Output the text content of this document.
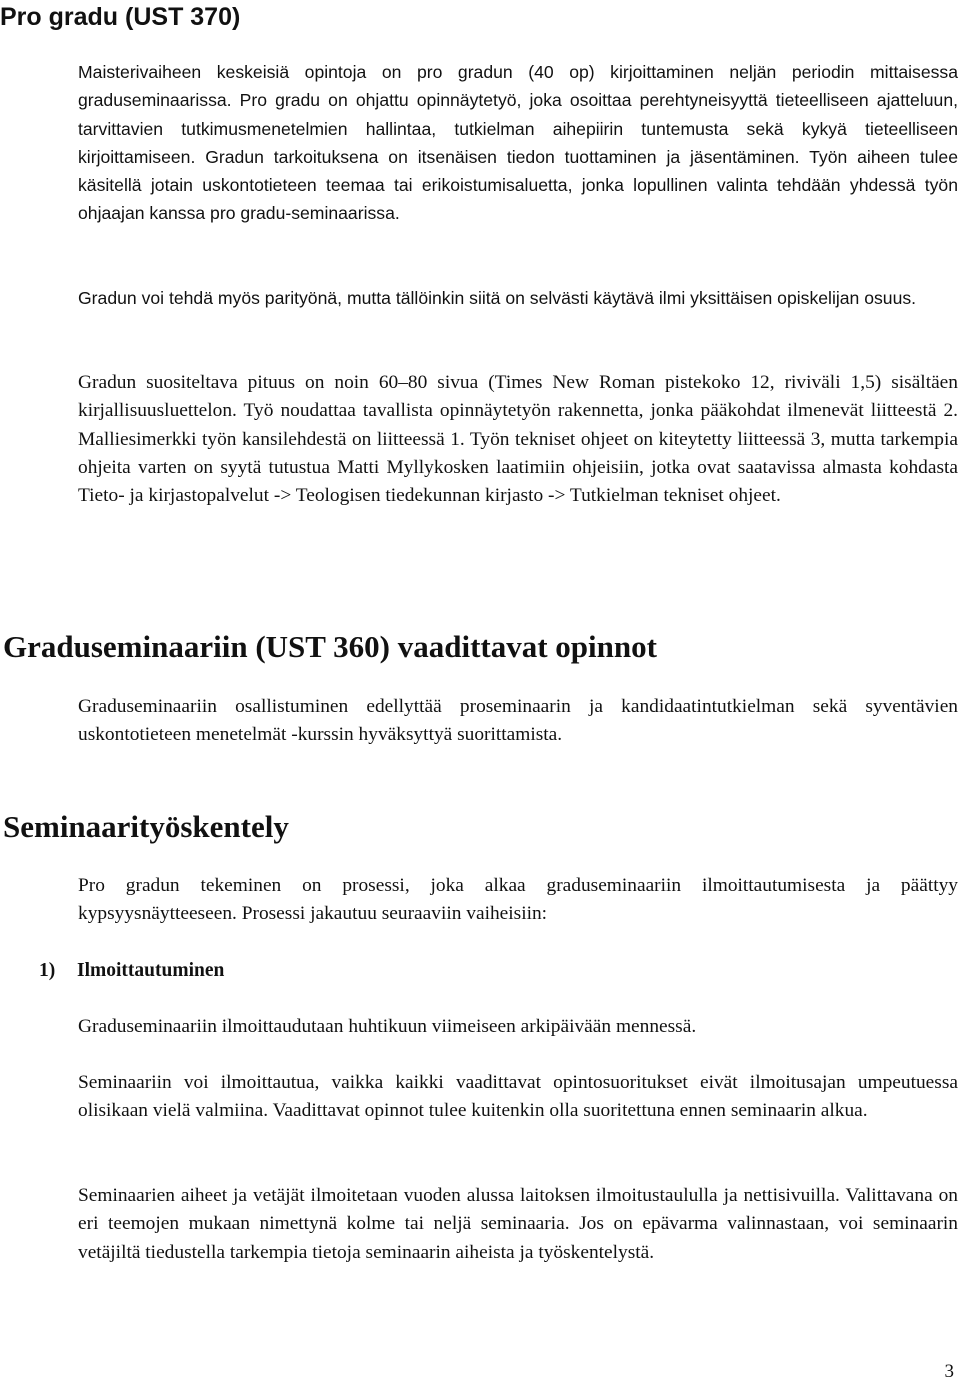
Pro gradu (UST 370)

Maisterivaiheen keskeisiä opintoja on pro gradun (40 op) kirjoittaminen neljän periodin mittaisessa graduseminaarissa. Pro gradu on ohjattu opinnäytetyö, joka osoittaa perehtyneisyyttä tieteelliseen ajatteluun, tarvittavien tutkimusmenetelmien hallintaa, tutkielman aihepiirin tuntemusta sekä kykyä tieteelliseen kirjoittamiseen. Gradun tarkoituksena on itsenäisen tiedon tuottaminen ja jäsentäminen. Työn aiheen tulee käsitellä jotain uskontotieteen teemaa tai erikoistumisaluetta, jonka lopullinen valinta tehdään yhdessä työn ohjaajan kanssa pro gradu-seminaarissa.

Gradun voi tehdä myös parityönä, mutta tällöinkin siitä on selvästi käytävä ilmi yksittäisen opiskelijan osuus.

Gradun suositeltava pituus on noin 60–80 sivua (Times New Roman pistekoko 12, riviväli 1,5) sisältäen kirjallisuusluettelon. Työ noudattaa tavallista opinnäytetyön rakennetta, jonka pääkohdat ilmenevät liitteestä 2. Malliesimerkki työn kansilehdestä on liitteessä 1. Työn tekniset ohjeet on kiteytetty liitteessä 3, mutta tarkempia ohjeita varten on syytä tutustua Matti Myllykosken laatimiin ohjeisiin, jotka ovat saatavissa almasta kohdasta Tieto- ja kirjastopalvelut -> Teologisen tiedekunnan kirjasto -> Tutkielman tekniset ohjeet.

Graduseminaariin (UST 360) vaadittavat opinnot

Graduseminaariin osallistuminen edellyttää proseminaarin ja kandidaatintutkielman sekä syventävien uskontotieteen menetelmät -kurssin hyväksyttyä suorittamista.

Seminaarityöskentely

Pro gradun tekeminen on prosessi, joka alkaa graduseminaariin ilmoittautumisesta ja päättyy kypsyysnäytteeseen. Prosessi jakautuu seuraaviin vaiheisiin:

1) Ilmoittautuminen

Graduseminaariin ilmoittaudutaan huhtikuun viimeiseen arkipäivään mennessä.

Seminaariin voi ilmoittautua, vaikka kaikki vaadittavat opintosuoritukset eivät ilmoitusajan umpeutuessa olisikaan vielä valmiina. Vaadittavat opinnot tulee kuitenkin olla suoritettuna ennen seminaarin alkua.

Seminaarien aiheet ja vetäjät ilmoitetaan vuoden alussa laitoksen ilmoitustaululla ja nettisivuilla. Valittavana on eri teemojen mukaan nimettynä kolme tai neljä seminaaria. Jos on epävarma valinnastaan, voi seminaarin vetäjiltä tiedustella tarkempia tietoja seminaarin aiheista ja työskentelystä.

3
